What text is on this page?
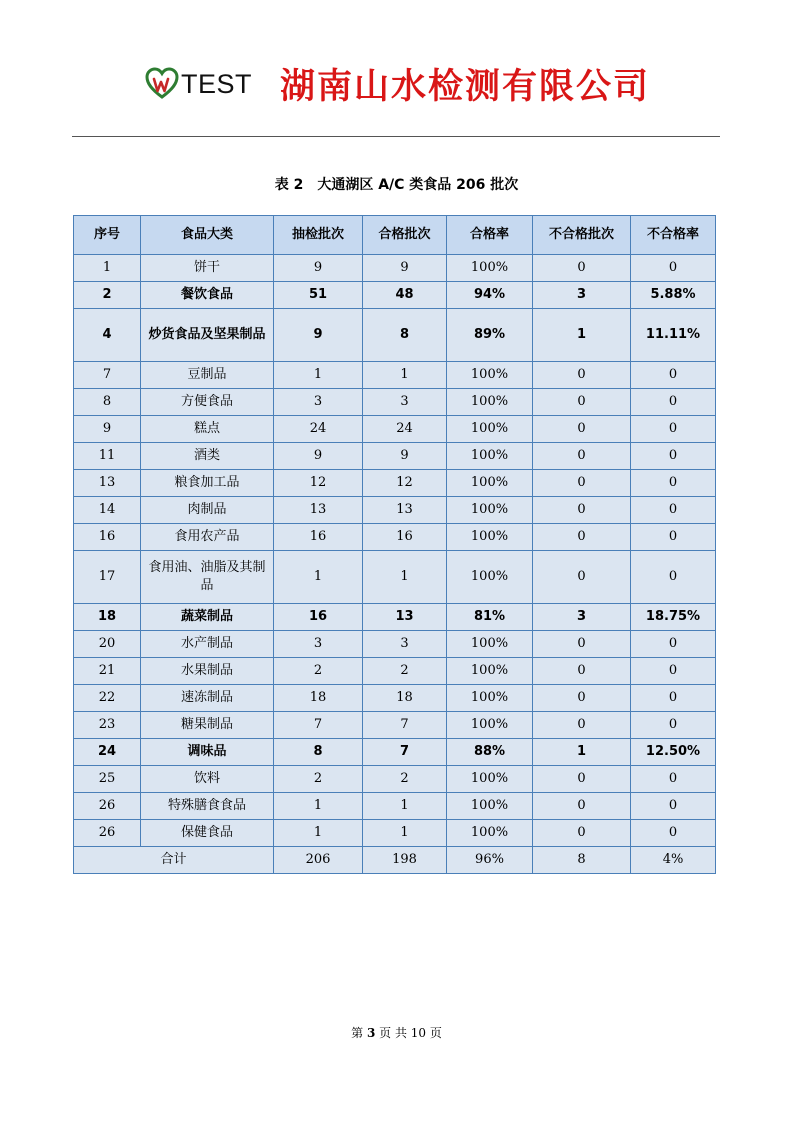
TEST 湖南山水检测有限公司
表 2　大通湖区 A/C 类食品 206 批次
序号	食品大类	抽检批次	合格批次	合格率	不合格批次	不合格率
1	饼干	9	9	100%	0	0
2	餐饮食品	51	48	94%	3	5.88%
4	炒货食品及坚果制品	9	8	89%	1	11.11%
7	豆制品	1	1	100%	0	0
8	方便食品	3	3	100%	0	0
9	糕点	24	24	100%	0	0
11	酒类	9	9	100%	0	0
13	粮食加工品	12	12	100%	0	0
14	肉制品	13	13	100%	0	0
16	食用农产品	16	16	100%	0	0
17	食用油、油脂及其制品	1	1	100%	0	0
18	蔬菜制品	16	13	81%	3	18.75%
20	水产制品	3	3	100%	0	0
21	水果制品	2	2	100%	0	0
22	速冻制品	18	18	100%	0	0
23	糖果制品	7	7	100%	0	0
24	调味品	8	7	88%	1	12.50%
25	饮料	2	2	100%	0	0
26	特殊膳食食品	1	1	100%	0	0
26	保健食品	1	1	100%	0	0
合计		206	198	96%	8	4%
第 3 页 共 10 页
